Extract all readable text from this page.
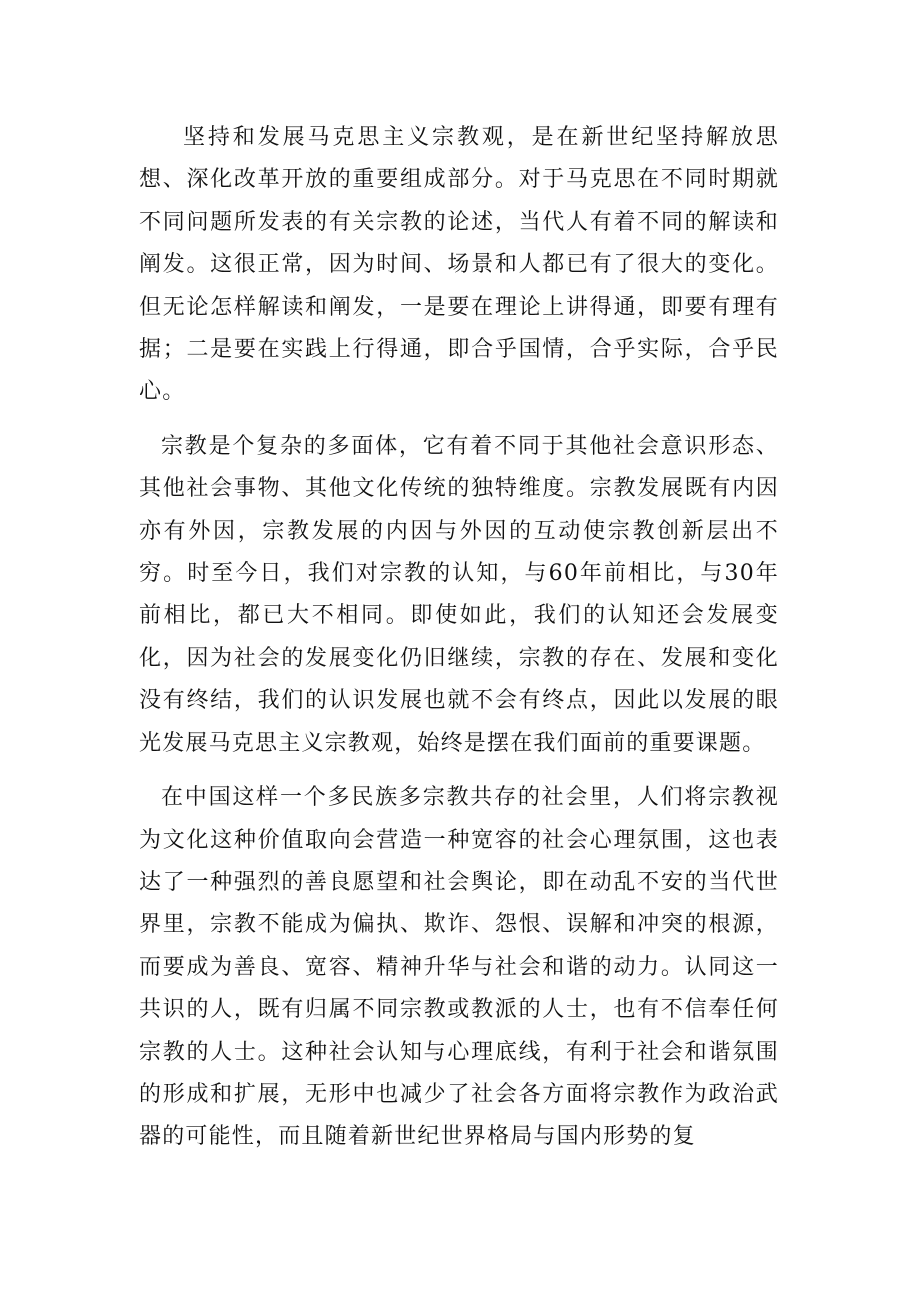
坚持和发展马克思主义宗教观，是在新世纪坚持解放思想、深化改革开放的重要组成部分。对于马克思在不同时期就不同问题所发表的有关宗教的论述，当代人有着不同的解读和阐发。这很正常，因为时间、场景和人都已有了很大的变化。但无论怎样解读和阐发，一是要在理论上讲得通，即要有理有据；二是要在实践上行得通，即合乎国情，合乎实际，合乎民心。

宗教是个复杂的多面体，它有着不同于其他社会意识形态、其他社会事物、其他文化传统的独特维度。宗教发展既有内因亦有外因，宗教发展的内因与外因的互动使宗教创新层出不穷。时至今日，我们对宗教的认知，与60年前相比，与30年前相比，都已大不相同。即使如此，我们的认知还会发展变化，因为社会的发展变化仍旧继续，宗教的存在、发展和变化没有终结，我们的认识发展也就不会有终点，因此以发展的眼光发展马克思主义宗教观，始终是摆在我们面前的重要课题。

在中国这样一个多民族多宗教共存的社会里，人们将宗教视为文化这种价值取向会营造一种宽容的社会心理氛围，这也表达了一种强烈的善良愿望和社会舆论，即在动乱不安的当代世界里，宗教不能成为偏执、欺诈、怨恨、误解和冲突的根源，而要成为善良、宽容、精神升华与社会和谐的动力。认同这一共识的人，既有归属不同宗教或教派的人士，也有不信奉任何宗教的人士。这种社会认知与心理底线，有利于社会和谐氛围的形成和扩展，无形中也减少了社会各方面将宗教作为政治武器的可能性，而且随着新世纪世界格局与国内形势的复
